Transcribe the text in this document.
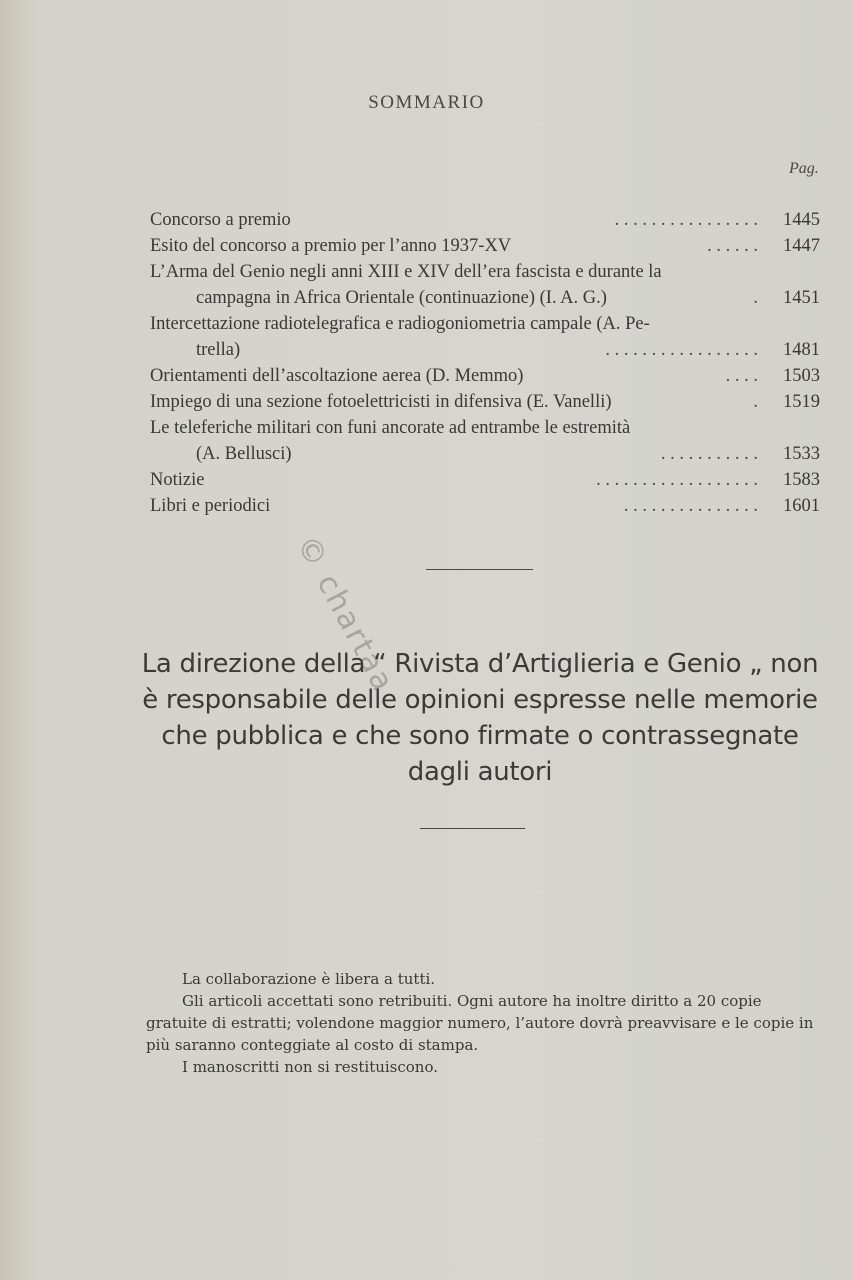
SOMMARIO
Pag.
Concorso a premio	. . . . . . . . . . . . . . . . 1445
Esito del concorso a premio per l’anno 1937-XV	. . . . . . 1447
L’Arma del Genio negli anni XIII e XIV dell’era fascista e durante la
campagna in Africa Orientale (continuazione) (I. A. G.)	. 1451
Intercettazione radiotelegrafica e radiogoniometria campale (A. Pe-
trella)	. . . . . . . . . . . . . . . . . 1481
Orientamenti dell’ascoltazione aerea (D. Memmo)	. . . . 1503
Impiego di una sezione fotoelettricisti in difensiva (E. Vanelli)	. 1519
Le teleferiche militari con funi ancorate ad entrambe le estremità
(A. Bellusci)	. . . . . . . . . . . 1533
Notizie	. . . . . . . . . . . . . . . . . . 1583
Libri e periodici	. . . . . . . . . . . . . . . 1601
La direzione della “ Rivista d’Artiglieria e Genio „ non è responsabile delle opinioni espresse nelle memorie che pubblica e che sono firmate o contrassegnate dagli autori

La collaborazione è libera a tutti.

Gli articoli accettati sono retribuiti. Ogni autore ha inoltre diritto a 20 copie gratuite di estratti; volendone maggior numero, l’autore dovrà preavvisare e le copie in più saranno conteggiate al costo di stampa.

I manoscritti non si restituiscono.

© chartaa
